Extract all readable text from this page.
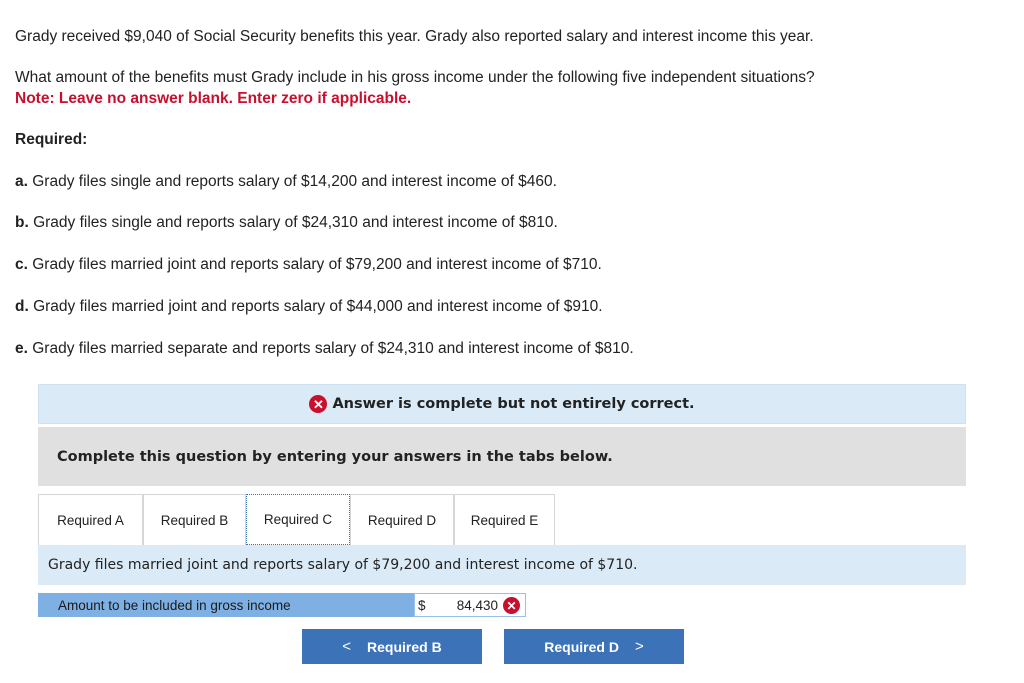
Grady received $9,040 of Social Security benefits this year. Grady also reported salary and interest income this year.
What amount of the benefits must Grady include in his gross income under the following five independent situations?
Note: Leave no answer blank. Enter zero if applicable.
Required:
a. Grady files single and reports salary of $14,200 and interest income of $460.
b. Grady files single and reports salary of $24,310 and interest income of $810.
c. Grady files married joint and reports salary of $79,200 and interest income of $710.
d. Grady files married joint and reports salary of $44,000 and interest income of $910.
e. Grady files married separate and reports salary of $24,310 and interest income of $810.
✕ Answer is complete but not entirely correct.
Complete this question by entering your answers in the tabs below.
Required A	Required B	Required C	Required D	Required E
Grady files married joint and reports salary of $79,200 and interest income of $710.
Amount to be included in gross income	$ 84,430 ✕
< Required B	Required D >
